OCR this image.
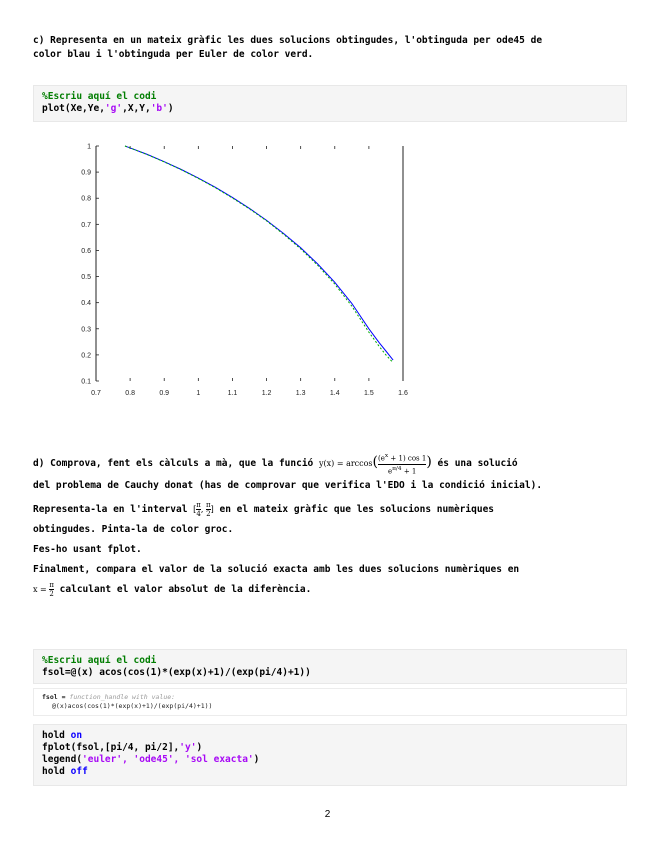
c) Representa en un mateix gràfic les dues solucions obtingudes, l'obtinguda per ode45 de
color blau i l'obtinguda per Euler de color verd.
%Escriu aquí el codi
plot(Xe,Ye,'g',X,Y,'b')
0.1
0.2
0.3
0.4
0.5
0.6
0.7
0.8
0.9
1
0.7	0.8	0.9	1	1.1	1.2	1.3	1.4	1.5	1.6
d) Comprova, fent els càlculs a mà, que la funció $y(x) = \arccos( \frac{(e^x + 1) \cos 1}{e^{\pi/4} + 1}$ ) és una solució
del problema de Cauchy donat (has de comprovar que verifica l'EDO i la condició inicial).
Representa-la en l'interval [ $\frac{\pi}{4}$ , $\frac{\pi}{2}$ ] en el mateix gràfic que les solucions numèriques
obtingudes. Pinta-la de color groc.
Fes-ho usant fplot.
Finalment, compara el valor de la solució exacta amb les dues solucions numèriques en
$x = \frac{\pi}{2}$ calculant el valor absolut de la diferència.
%Escriu aquí el codi
fsol=@(x) acos(cos(1)*(exp(x)+1)/(exp(pi/4)+1))
fsol = function_handle with value:
@(x)acos(cos(1)*(exp(x)+1)/(exp(pi/4)+1))
hold on
fplot(fsol,[pi/4, pi/2],'y')
legend('euler', 'ode45', 'sol exacta')
hold off
2
